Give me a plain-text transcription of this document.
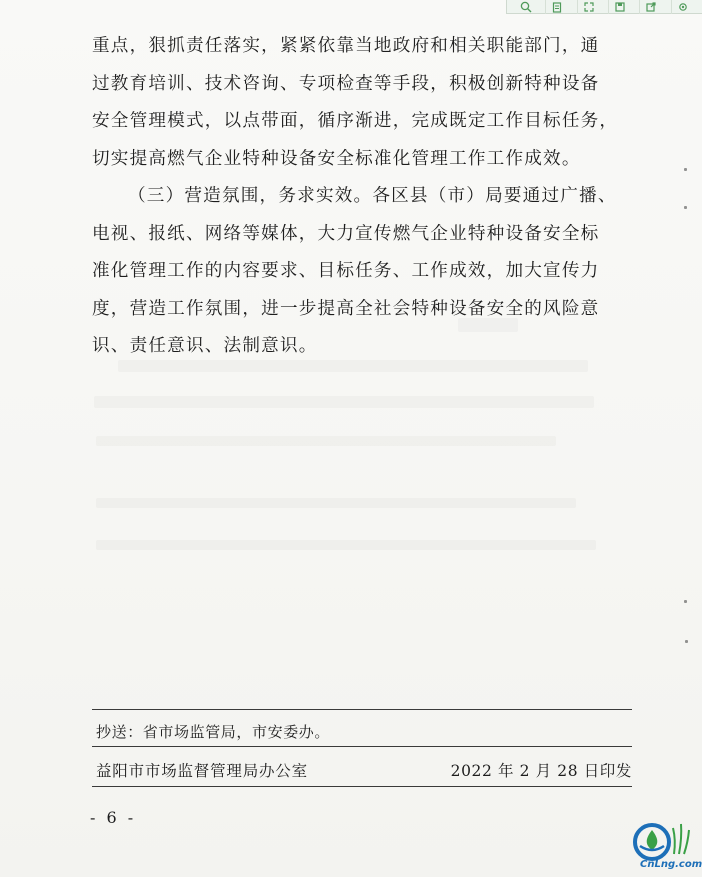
重点，狠抓责任落实，紧紧依靠当地政府和相关职能部门，通
过教育培训、技术咨询、专项检查等手段，积极创新特种设备
安全管理模式，以点带面，循序渐进，完成既定工作目标任务，
切实提高燃气企业特种设备安全标准化管理工作工作成效。

（三）营造氛围，务求实效。各区县（市）局要通过广播、
电视、报纸、网络等媒体，大力宣传燃气企业特种设备安全标
准化管理工作的内容要求、目标任务、工作成效，加大宣传力
度，营造工作氛围，进一步提高全社会特种设备安全的风险意
识、责任意识、法制意识。

抄送：省市场监管局，市安委办。
益阳市市场监督管理局办公室	2022 年 2 月 28 日印发
- 6 -
CnLng.com
